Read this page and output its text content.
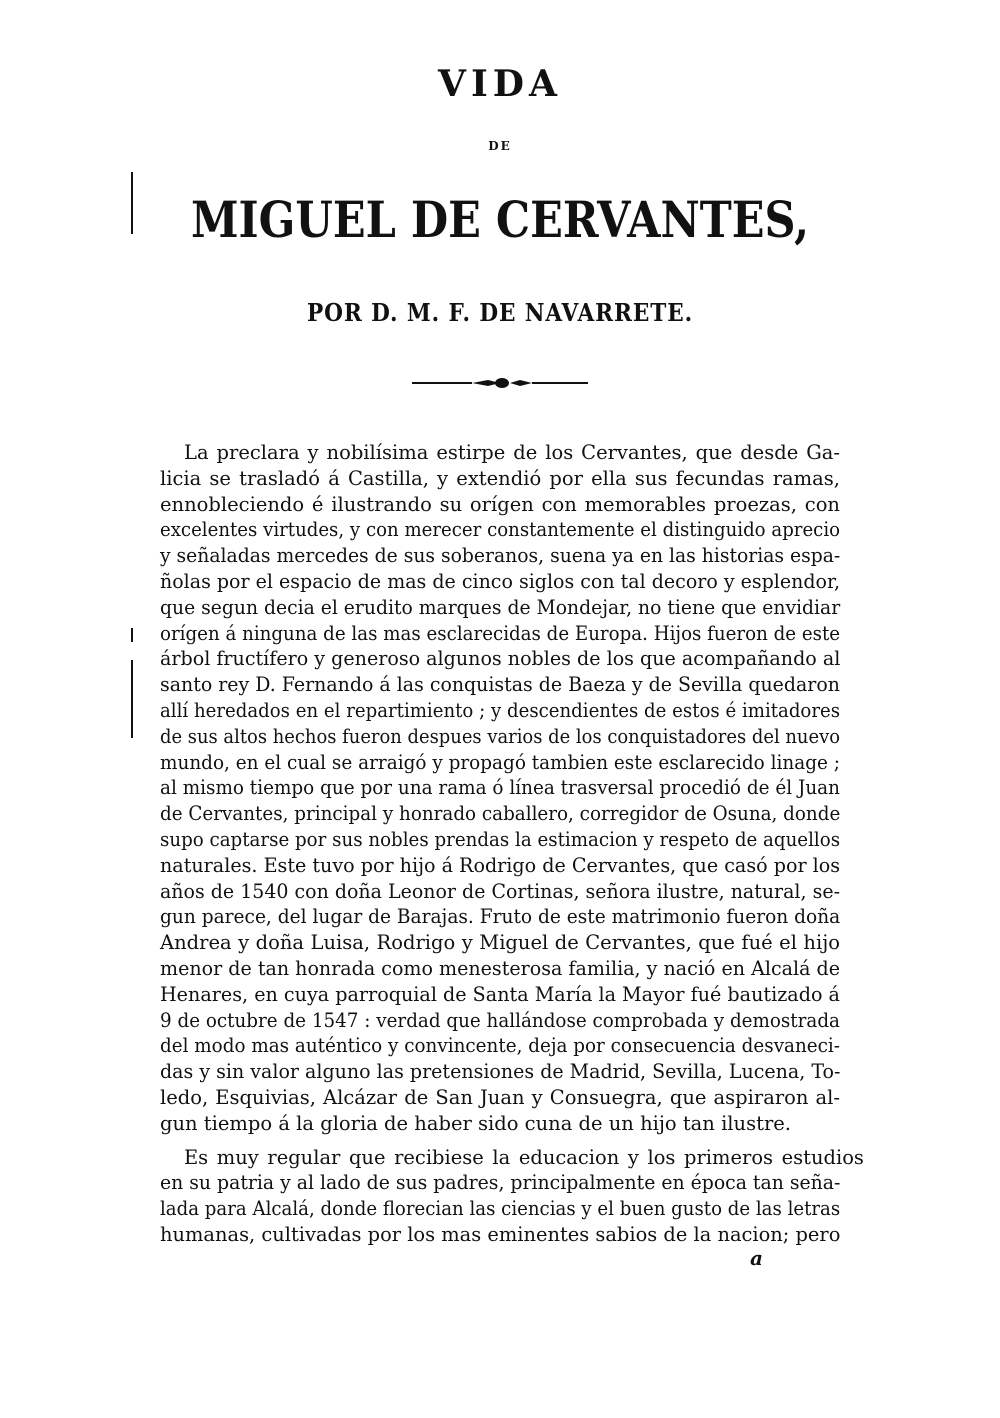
VIDA
DE
MIGUEL DE CERVANTES,
POR D. M. F. DE NAVARRETE.

La preclara y nobilísima estirpe de los Cervantes, que desde Ga-
licia se trasladó á Castilla, y extendió por ella sus fecundas ramas,
ennobleciendo é ilustrando su orígen con memorables proezas, con
excelentes virtudes, y con merecer constantemente el distinguido aprecio
y señaladas mercedes de sus soberanos, suena ya en las historias espa-
ñolas por el espacio de mas de cinco siglos con tal decoro y esplendor,
que segun decia el erudito marques de Mondejar, no tiene que envidiar
orígen á ninguna de las mas esclarecidas de Europa. Hijos fueron de este
árbol fructífero y generoso algunos nobles de los que acompañando al
santo rey D. Fernando á las conquistas de Baeza y de Sevilla quedaron
allí heredados en el repartimiento ; y descendientes de estos é imitadores
de sus altos hechos fueron despues varios de los conquistadores del nuevo
mundo, en el cual se arraigó y propagó tambien este esclarecido linage ;
al mismo tiempo que por una rama ó línea trasversal procedió de él Juan
de Cervantes, principal y honrado caballero, corregidor de Osuna, donde
supo captarse por sus nobles prendas la estimacion y respeto de aquellos
naturales. Este tuvo por hijo á Rodrigo de Cervantes, que casó por los
años de 1540 con doña Leonor de Cortinas, señora ilustre, natural, se-
gun parece, del lugar de Barajas. Fruto de este matrimonio fueron doña
Andrea y doña Luisa, Rodrigo y Miguel de Cervantes, que fué el hijo
menor de tan honrada como menesterosa familia, y nació en Alcalá de
Henares, en cuya parroquial de Santa María la Mayor fué bautizado á
9 de octubre de 1547 : verdad que hallándose comprobada y demostrada
del modo mas auténtico y convincente, deja por consecuencia desvaneci-
das y sin valor alguno las pretensiones de Madrid, Sevilla, Lucena, To-
ledo, Esquivias, Alcázar de San Juan y Consuegra, que aspiraron al-
gun tiempo á la gloria de haber sido cuna de un hijo tan ilustre.

Es muy regular que recibiese la educacion y los primeros estudios
en su patria y al lado de sus padres, principalmente en época tan seña-
lada para Alcalá, donde florecian las ciencias y el buen gusto de las letras
humanas, cultivadas por los mas eminentes sabios de la nacion; pero

a
